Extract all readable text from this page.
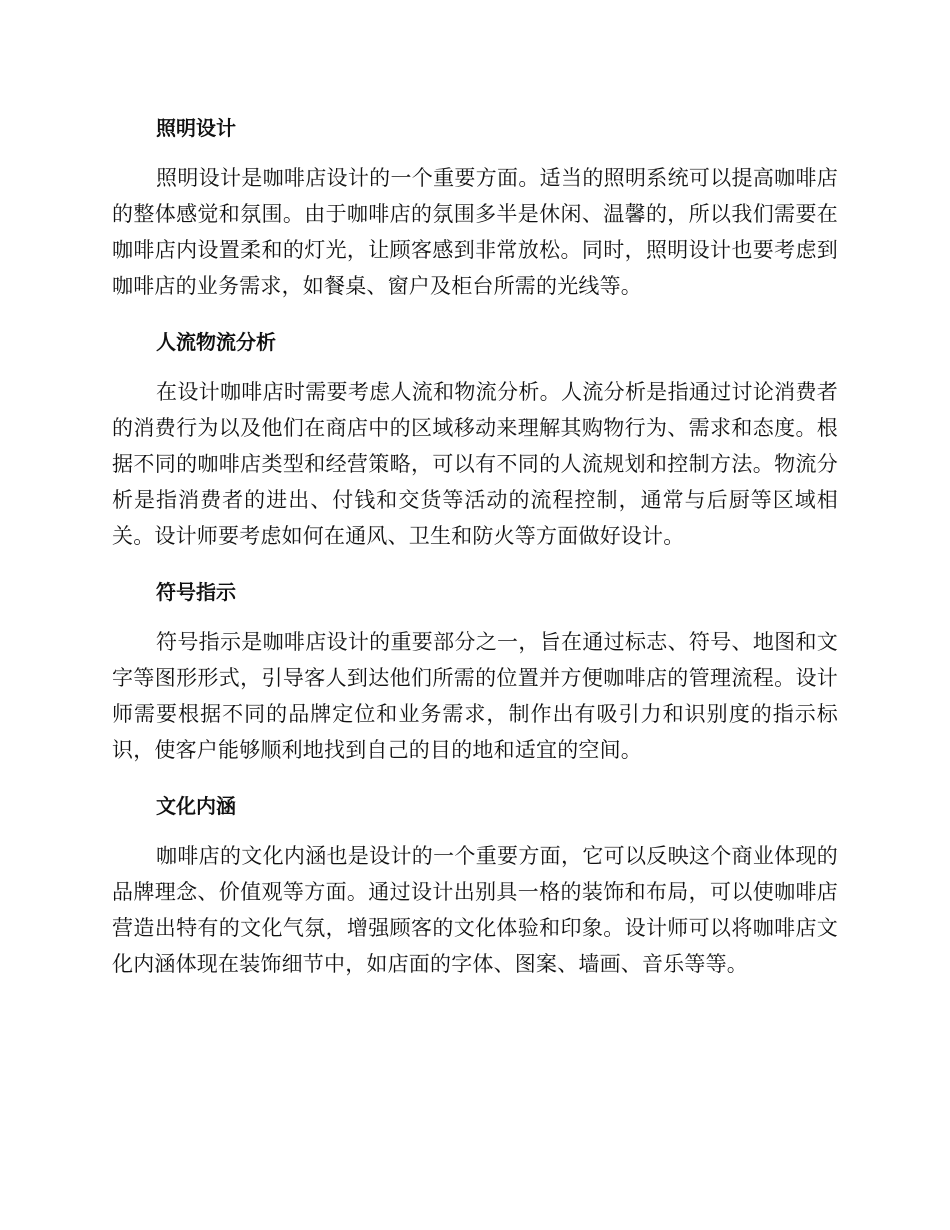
照明设计

照明设计是咖啡店设计的一个重要方面。适当的照明系统可以提高咖啡店的整体感觉和氛围。由于咖啡店的氛围多半是休闲、温馨的，所以我们需要在咖啡店内设置柔和的灯光，让顾客感到非常放松。同时，照明设计也要考虑到咖啡店的业务需求，如餐桌、窗户及柜台所需的光线等。

人流物流分析

在设计咖啡店时需要考虑人流和物流分析。人流分析是指通过讨论消费者的消费行为以及他们在商店中的区域移动来理解其购物行为、需求和态度。根据不同的咖啡店类型和经营策略，可以有不同的人流规划和控制方法。物流分析是指消费者的进出、付钱和交货等活动的流程控制，通常与后厨等区域相关。设计师要考虑如何在通风、卫生和防火等方面做好设计。

符号指示

符号指示是咖啡店设计的重要部分之一，旨在通过标志、符号、地图和文字等图形形式，引导客人到达他们所需的位置并方便咖啡店的管理流程。设计师需要根据不同的品牌定位和业务需求，制作出有吸引力和识别度的指示标识，使客户能够顺利地找到自己的目的地和适宜的空间。

文化内涵

咖啡店的文化内涵也是设计的一个重要方面，它可以反映这个商业体现的品牌理念、价值观等方面。通过设计出别具一格的装饰和布局，可以使咖啡店营造出特有的文化气氛，增强顾客的文化体验和印象。设计师可以将咖啡店文化内涵体现在装饰细节中，如店面的字体、图案、墙画、音乐等等。
